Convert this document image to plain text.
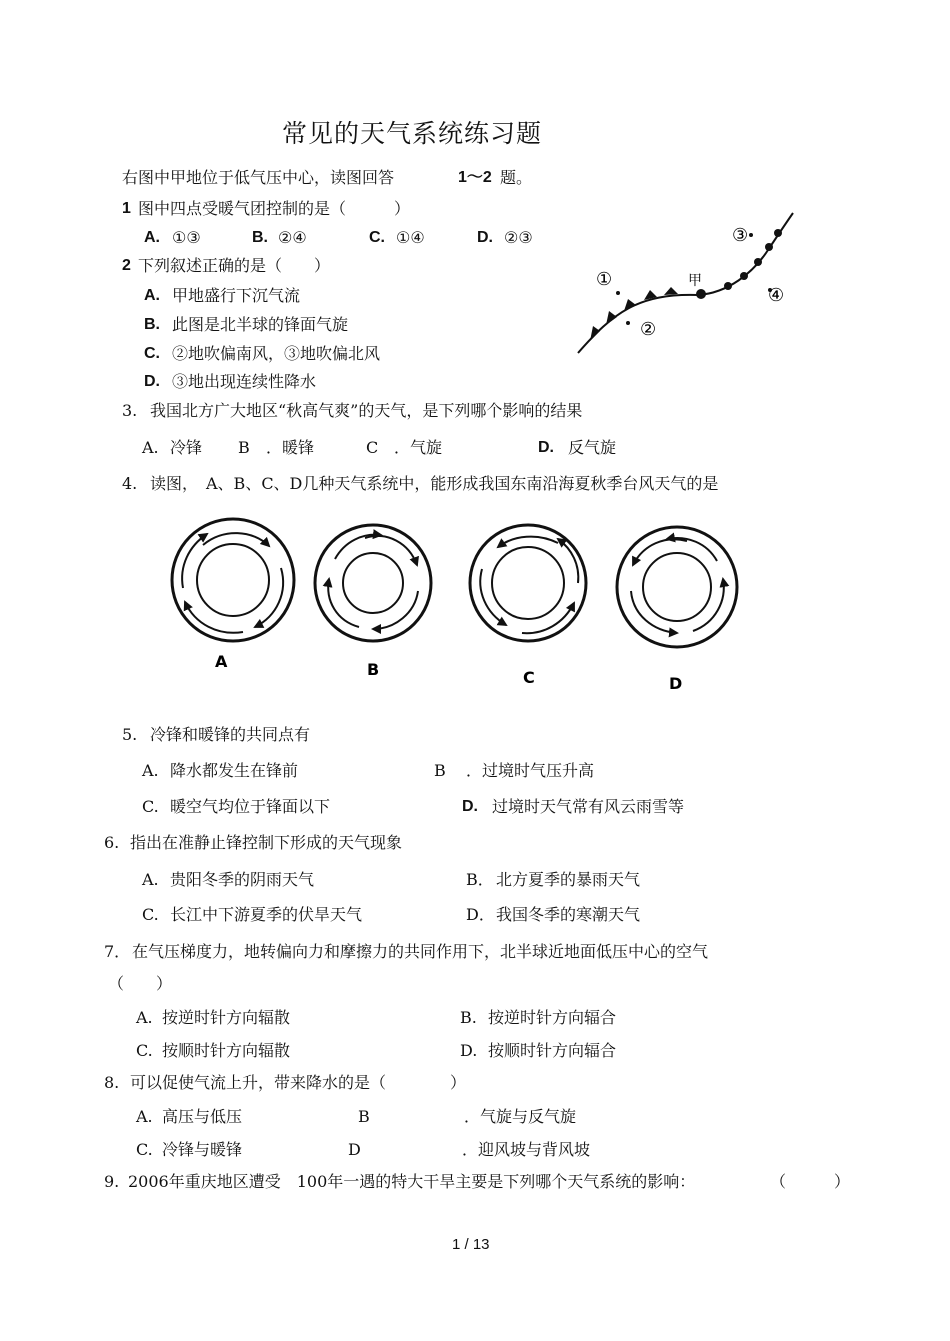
常见的天气系统练习题
右图中甲地位于低气压中心，读图回答	1～2 题。
1 图中四点受暖气团控制的是（　　　）
A. ①③	B. ②④	C. ①④	D. ②③
2 下列叙述正确的是（　　）
A. 甲地盛行下沉气流
B. 此图是北半球的锋面气旋
C. ②地吹偏南风，③地吹偏北风
D. ③地出现连续性降水
①
②
③
④
甲
3. 我国北方广大地区“秋高气爽”的天气，是下列哪个影响的结果
A. 冷锋 B ．暖锋	C ．气旋	D. 反气旋
4. 读图，　A、B、C、D几种天气系统中，能形成我国东南沿海夏秋季台风天气的是
A	B	C	D
5. 冷锋和暖锋的共同点有
A. 降水都发生在锋前	B ．过境时气压升高
C. 暖空气均位于锋面以下	D. 过境时天气常有风云雨雪等
6. 指出在准静止锋控制下形成的天气现象
A. 贵阳冬季的阴雨天气	B． 北方夏季的暴雨天气
C. 长江中下游夏季的伏旱天气	D． 我国冬季的寒潮天气
7． 在气压梯度力，地转偏向力和摩擦力的共同作用下，北半球近地面低压中心的空气
（　　）
A. 按逆时针方向辐散	B. 按逆时针方向辐合
C. 按顺时针方向辐散	D. 按顺时针方向辐合
8. 可以促使气流上升，带来降水的是（　　　　）
A. 高压与低压	B	．气旋与反气旋
C. 冷锋与暖锋	D	．迎风坡与背风坡
9. 2006年重庆地区遭受　100年一遇的特大干旱主要是下列哪个天气系统的影响：	（　　　）
1 / 13
